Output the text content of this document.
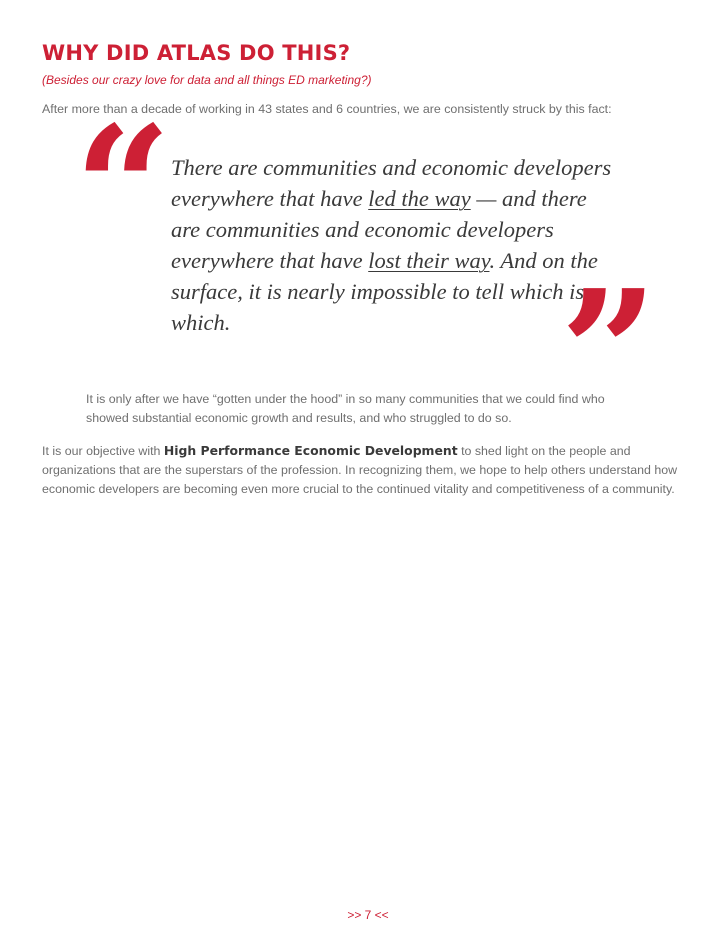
WHY DID ATLAS DO THIS?

(Besides our crazy love for data and all things ED marketing?)

After more than a decade of working in 43 states and 6 countries, we are consistently struck by this fact:

“ There are communities and economic developers everywhere that have led the way — and there are communities and economic developers everywhere that have lost their way. And on the surface, it is nearly impossible to tell which is which.	”

It is only after we have “gotten under the hood” in so many communities that we could find who showed substantial economic growth and results, and who struggled to do so.

It is our objective with High Performance Economic Development to shed light on the people and organizations that are the superstars of the profession. In recognizing them, we hope to help others understand how economic developers are becoming even more crucial to the continued vitality and competitiveness of a community.

>> 7 <<
